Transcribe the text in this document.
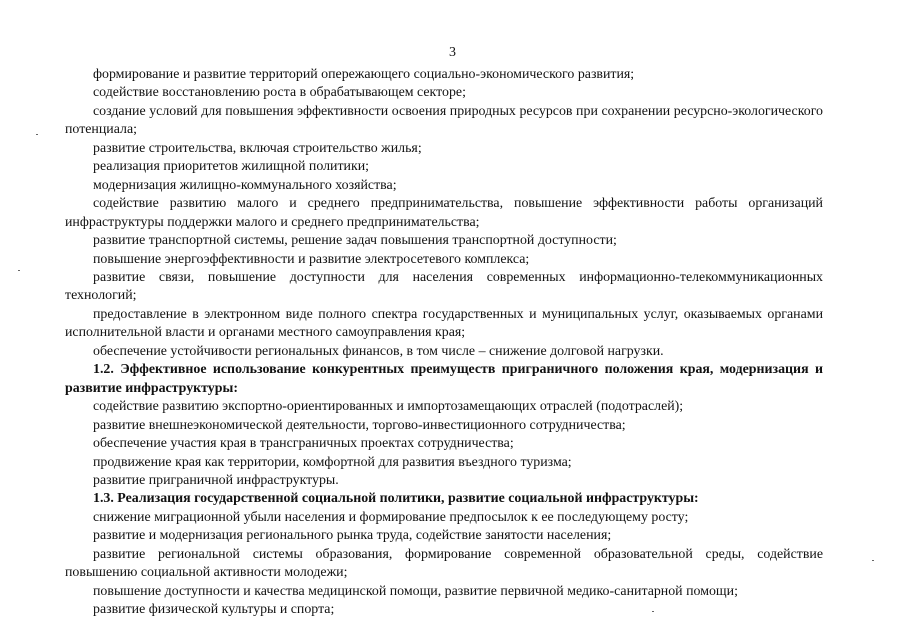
3

формирование и развитие территорий опережающего социально-экономического развития;

содействие восстановлению роста в обрабатывающем секторе;

создание условий для повышения эффективности освоения природных ресурсов при сохранении ресурсно-экологического потенциала;

развитие строительства, включая строительство жилья;

реализация приоритетов жилищной политики;

модернизация жилищно-коммунального хозяйства;

содействие развитию малого и среднего предпринимательства, повышение эффективности работы организаций инфраструктуры поддержки малого и среднего предпринимательства;

развитие транспортной системы, решение задач повышения транспортной доступности;

повышение энергоэффективности и развитие электросетевого комплекса;

развитие связи, повышение доступности для населения современных информационно-телекоммуникационных технологий;

предоставление в электронном виде полного спектра государственных и муниципальных услуг, оказываемых органами исполнительной власти и органами местного самоуправления края;

обеспечение устойчивости региональных финансов, в том числе – снижение долговой нагрузки.

1.2. Эффективное использование конкурентных преимуществ приграничного положения края, модернизация и развитие инфраструктуры:

содействие развитию экспортно-ориентированных и импортозамещающих отраслей (подотраслей);

развитие внешнеэкономической деятельности, торгово-инвестиционного сотрудничества;

обеспечение участия края в трансграничных проектах сотрудничества;

продвижение края как территории, комфортной для развития въездного туризма;

развитие приграничной инфраструктуры.

1.3. Реализация государственной социальной политики, развитие социальной инфраструктуры:

снижение миграционной убыли населения и формирование предпосылок к ее последующему росту;

развитие и модернизация регионального рынка труда, содействие занятости населения;

развитие региональной системы образования, формирование современной образовательной среды, содействие повышению социальной активности молодежи;

повышение доступности и качества медицинской помощи, развитие первичной медико-санитарной помощи;

развитие физической культуры и спорта;
